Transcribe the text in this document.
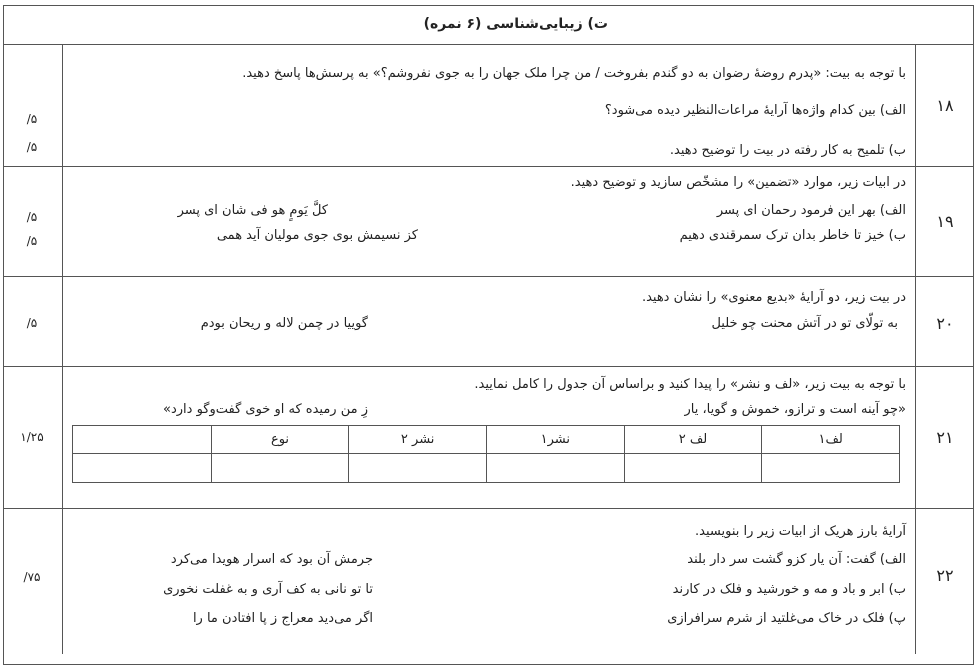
ت) زیبایی‌شناسی (۶ نمره)
۱۸
/۵
/۵
با توجه به بیت: «پدرم روضهٔ رضوان به دو گندم بفروخت / من چرا ملک جهان را به جوی نفروشم؟» به پرسش‌ها پاسخ دهید.
الف) بین کدام واژه‌ها آرایهٔ مراعات‌النظیر دیده می‌شود؟
ب) تلمیح به کار رفته در بیت را توضیح دهید.
۱۹
/۵
/۵
در ابیات زیر، موارد «تضمین» را مشخّص سازید و توضیح دهید.
الف) بهر این فرمود رحمان ای پسر
ب) خیز تا خاطر بدان ترک سمرقندی دهیم
کلَّ یَومٍ هو فی شان ای پسر
کز نسیمش بوی جوی مولیان آید همی
۲۰
/۵
در بیت زیر، دو آرایهٔ «بدیع معنوی» را نشان دهید.
به تولّای تو در آتش محنت چو خلیل
گوییا در چمن لاله و ریحان بودم
۲۱
۱/۲۵
با توجه به بیت زیر، «لف و نشر» را پیدا کنید و براساس آن جدول را کامل نمایید.
«چو آینه است و ترازو، خموش و گویا، یار
زِ من رمیده که او خوی گفت‌وگو دارد»
لف۱
لف ۲
نشر۱
نشر ۲
نوع
۲۲
/۷۵
آرایهٔ بارز هریک از ابیات زیر را بنویسید.
الف) گفت: آن یار کزو گشت سر دار بلند
ب) ابر و باد و مه و خورشید و فلک در کارند
پ) فلک در خاک می‌غلتید از شرم سرافرازی
جرمش آن بود که اسرار هویدا می‌کرد
تا تو نانی به کف آری و به غفلت نخوری
اگر می‌دید معراج ز پا افتادن ما را
